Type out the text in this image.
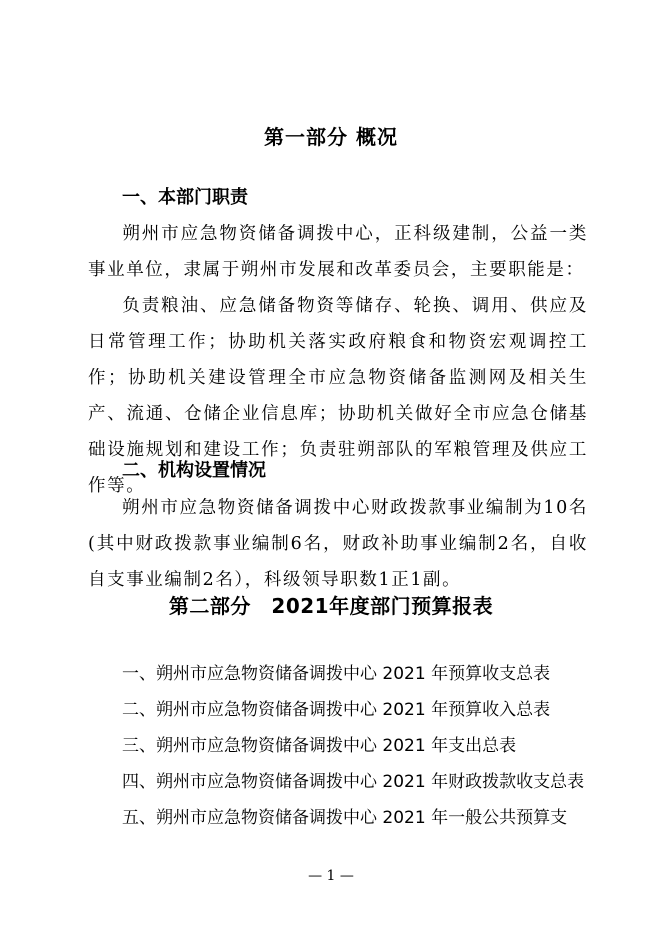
第一部分 概况
一、本部门职责
朔州市应急物资储备调拨中心，正科级建制，公益一类事业单位，隶属于朔州市发展和改革委员会，主要职能是：
负责粮油、应急储备物资等储存、轮换、调用、供应及日常管理工作；协助机关落实政府粮食和物资宏观调控工作；协助机关建设管理全市应急物资储备监测网及相关生产、流通、仓储企业信息库；协助机关做好全市应急仓储基础设施规划和建设工作；负责驻朔部队的军粮管理及供应工作等。
二、机构设置情况
朔州市应急物资储备调拨中心财政拨款事业编制为10名(其中财政拨款事业编制6名，财政补助事业编制2名，自收自支事业编制2名），科级领导职数1正1副。
第二部分　2021年度部门预算报表
一、朔州市应急物资储备调拨中心 2021 年预算收支总表
二、朔州市应急物资储备调拨中心 2021 年预算收入总表
三、朔州市应急物资储备调拨中心 2021 年支出总表
四、朔州市应急物资储备调拨中心 2021 年财政拨款收支总表
五、朔州市应急物资储备调拨中心 2021 年一般公共预算支
— 1 —
